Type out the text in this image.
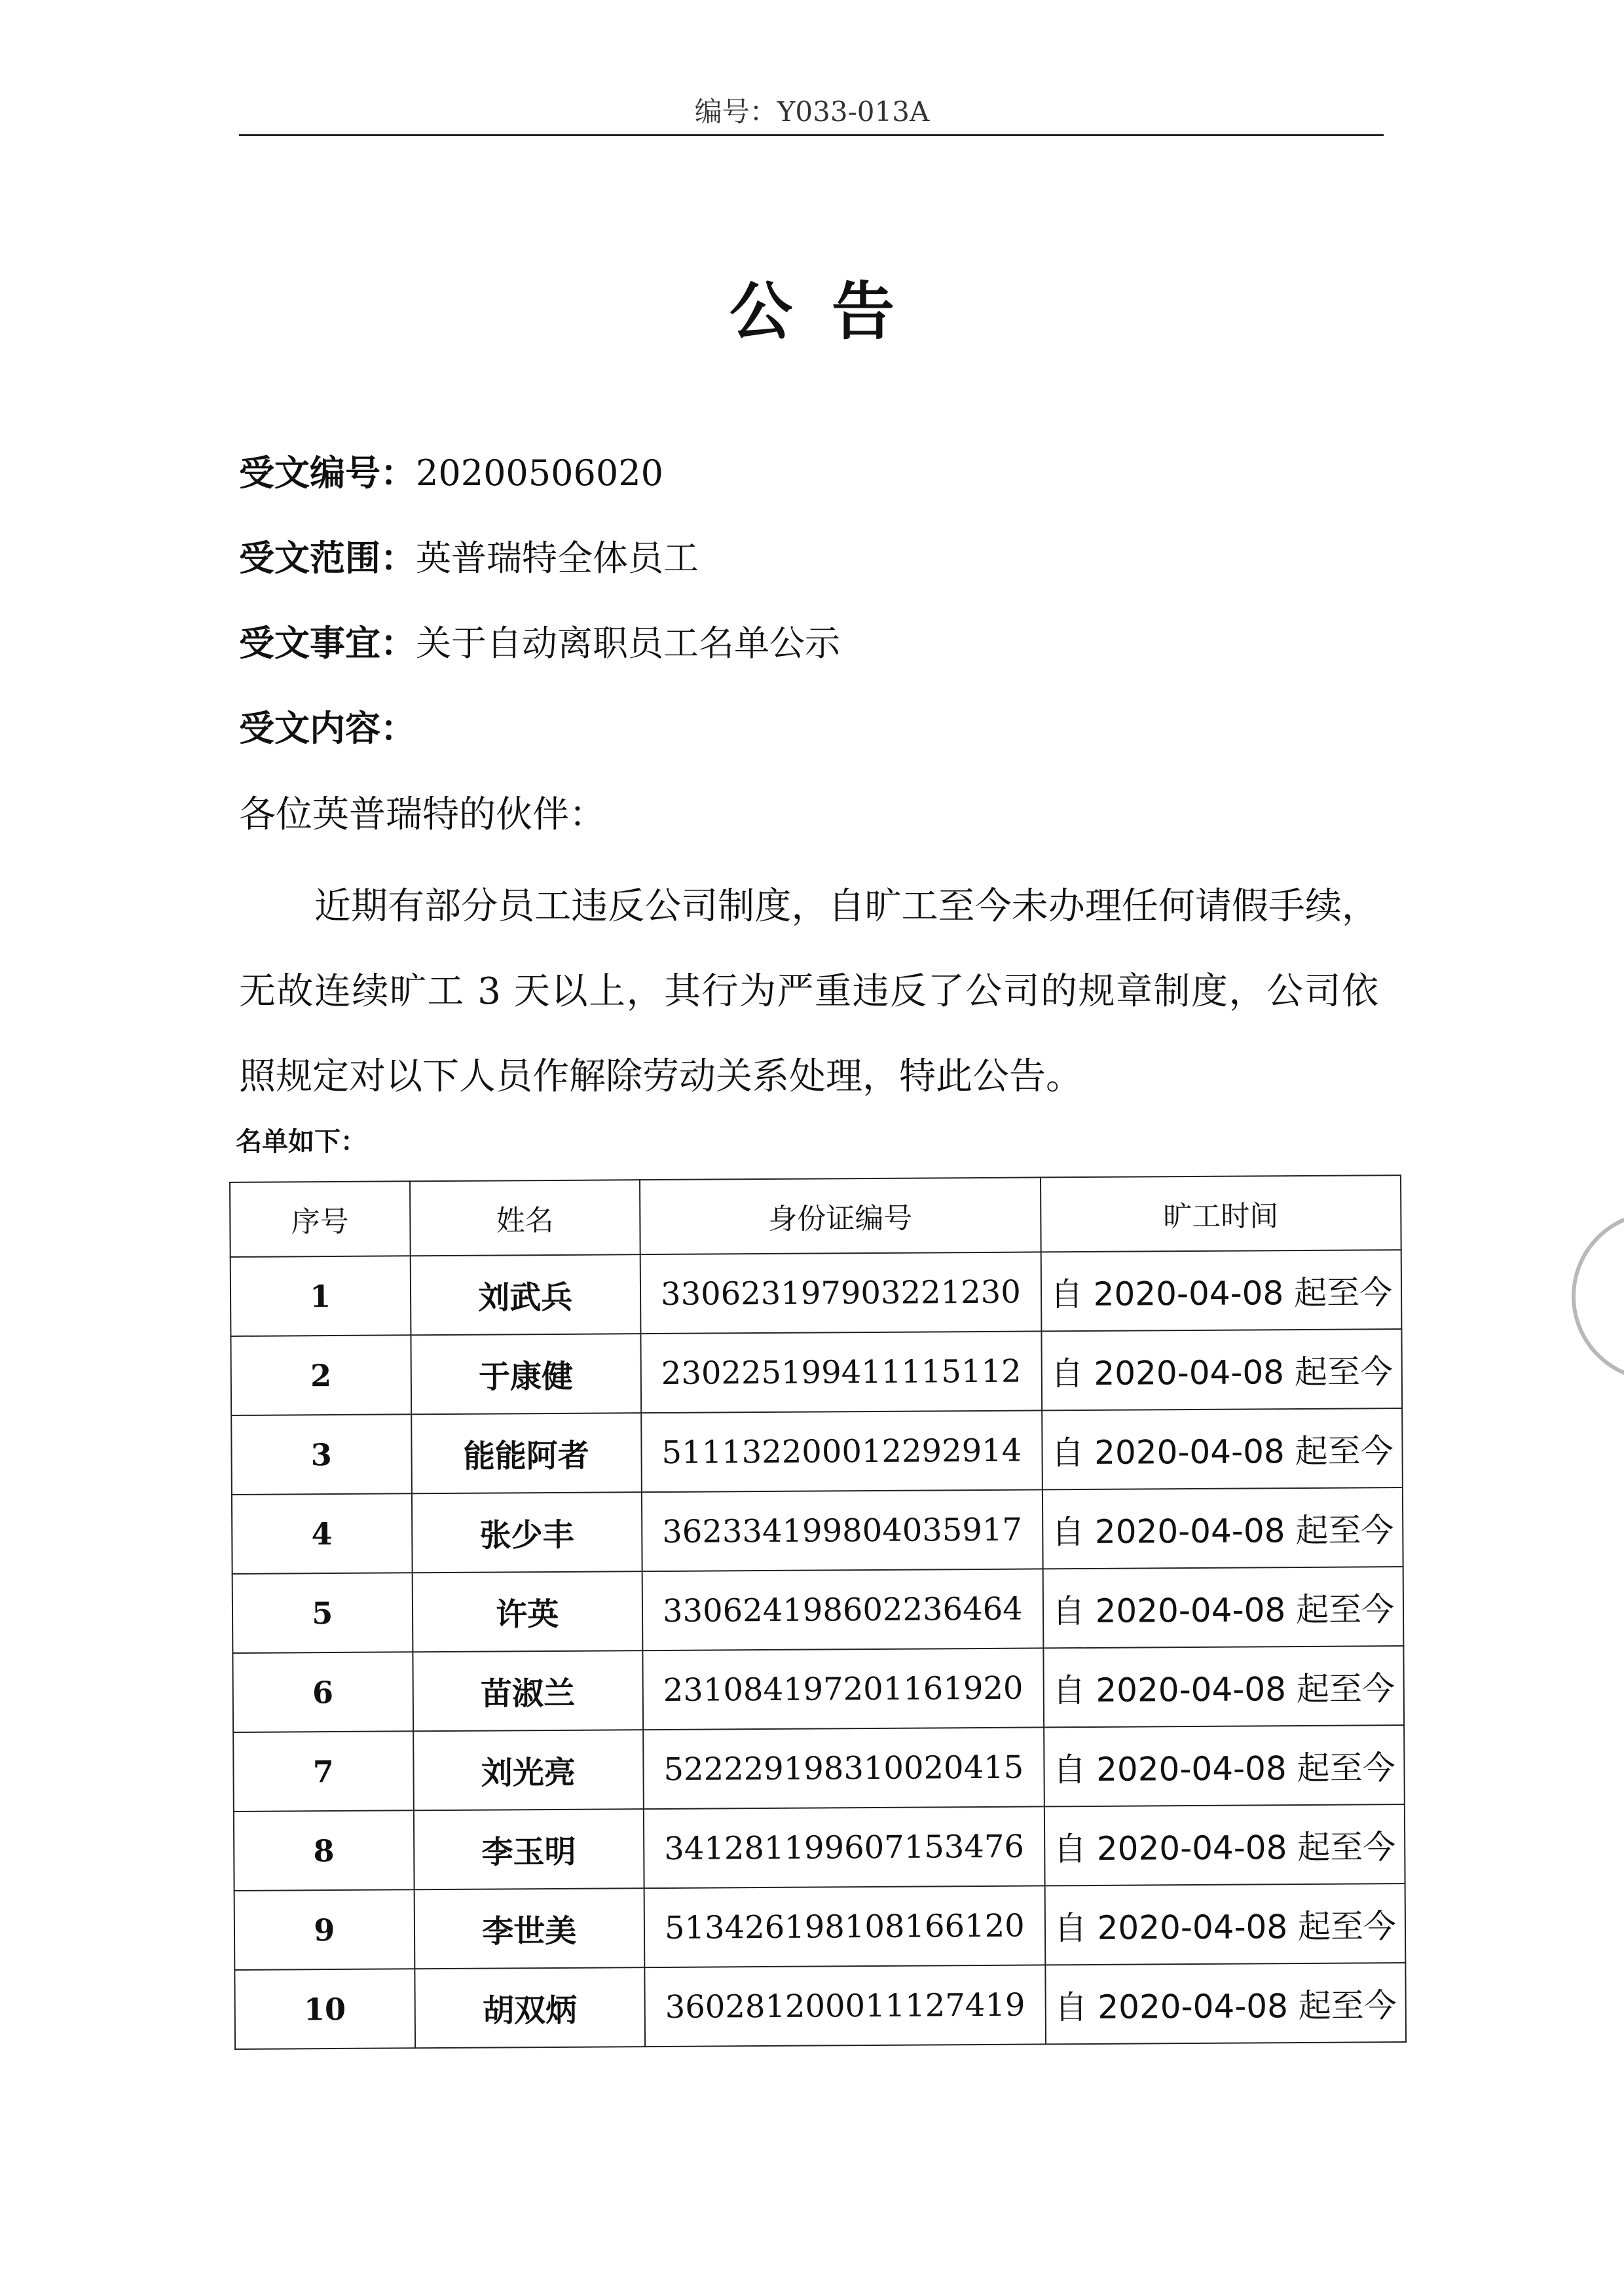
编号：Y033-013A
公告
受文编号：20200506020
受文范围：英普瑞特全体员工
受文事宜：关于自动离职员工名单公示
受文内容：
各位英普瑞特的伙伴：
近期有部分员工违反公司制度，自旷工至今未办理任何请假手续，无故连续旷工 3 天以上，其行为严重违反了公司的规章制度，公司依照规定对以下人员作解除劳动关系处理，特此公告。
名单如下：
序号	姓名	身份证编号	旷工时间
1	刘武兵	330623197903221230	自 2020-04-08 起至今
2	于康健	230225199411115112	自 2020-04-08 起至今
3	能能阿者	511132200012292914	自 2020-04-08 起至今
4	张少丰	362334199804035917	自 2020-04-08 起至今
5	许英	330624198602236464	自 2020-04-08 起至今
6	苗淑兰	231084197201161920	自 2020-04-08 起至今
7	刘光亮	522229198310020415	自 2020-04-08 起至今
8	李玉明	341281199607153476	自 2020-04-08 起至今
9	李世美	513426198108166120	自 2020-04-08 起至今
10	胡双炳	360281200011127419	自 2020-04-08 起至今
